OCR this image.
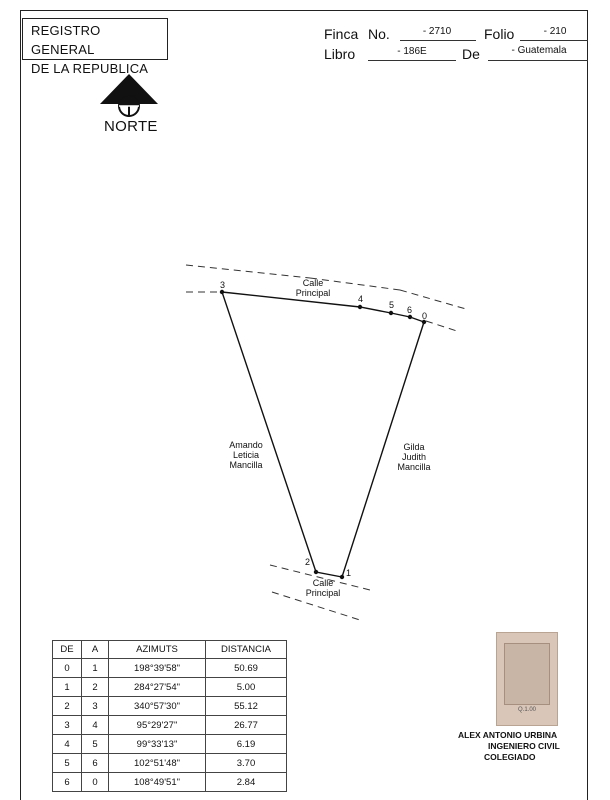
REGISTRO GENERAL
DE LA REPUBLICA
Finca No.	- 2710	Folio	- 210
Libro	- 186E	De	- Guatemala
NORTE
0
1
2
3
4
5 6
Calle
Principal
Calle
Principal
Amando
Leticia
Mancilla
Gilda
Judith
Mancilla
DE	A	AZIMUTS	DISTANCIA
0	1	198°39'58"	50.69
1	2	284°27'54"	5.00
2	3	340°57'30"	55.12
3	4	95°29'27"	26.77
4	5	99°33'13"	6.19
5	6	102°51'48"	3.70
6	0	108°49'51"	2.84
Q.1.00
ALEX ANTONIO URBINA
INGENIERO CIVIL
COLEGIADO
